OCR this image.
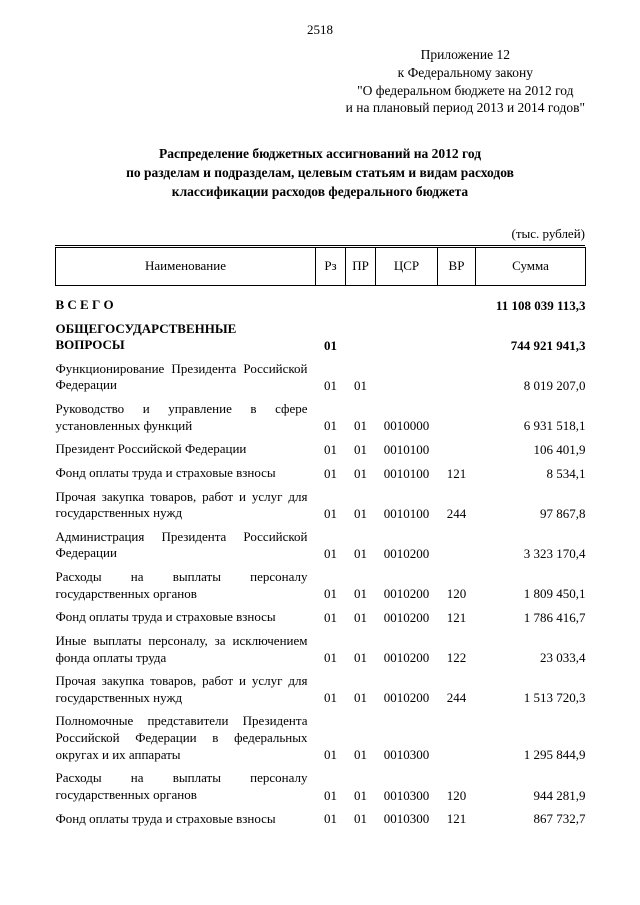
2518
Приложение 12
к Федеральному закону
"О федеральном бюджете на 2012 год
и на плановый период 2013 и 2014 годов"
Распределение бюджетных ассигнований на 2012 год
по разделам и подразделам, целевым статьям и видам расходов
классификации расходов федерального бюджета
(тыс. рублей)
Наименование	Рз	ПР	ЦСР	ВР	Сумма
В С Е Г О					11 108 039 113,3
ОБЩЕГОСУДАРСТВЕННЫЕ ВОПРОСЫ	01				744 921 941,3
Функционирование Президента Российской Федерации	01	01			8 019 207,0
Руководство и управление в сфере установленных функций	01	01	0010000		6 931 518,1
Президент Российской Федерации	01	01	0010100		106 401,9
Фонд оплаты труда и страховые взносы	01	01	0010100	121	8 534,1
Прочая закупка товаров, работ и услуг для государственных нужд	01	01	0010100	244	97 867,8
Администрация Президента Российской Федерации	01	01	0010200		3 323 170,4
Расходы на выплаты персоналу государственных органов	01	01	0010200	120	1 809 450,1
Фонд оплаты труда и страховые взносы	01	01	0010200	121	1 786 416,7
Иные выплаты персоналу, за исключением фонда оплаты труда	01	01	0010200	122	23 033,4
Прочая закупка товаров, работ и услуг для государственных нужд	01	01	0010200	244	1 513 720,3
Полномочные представители Президента Российской Федерации в федеральных округах и их аппараты	01	01	0010300		1 295 844,9
Расходы на выплаты персоналу государственных органов	01	01	0010300	120	944 281,9
Фонд оплаты труда и страховые взносы	01	01	0010300	121	867 732,7
